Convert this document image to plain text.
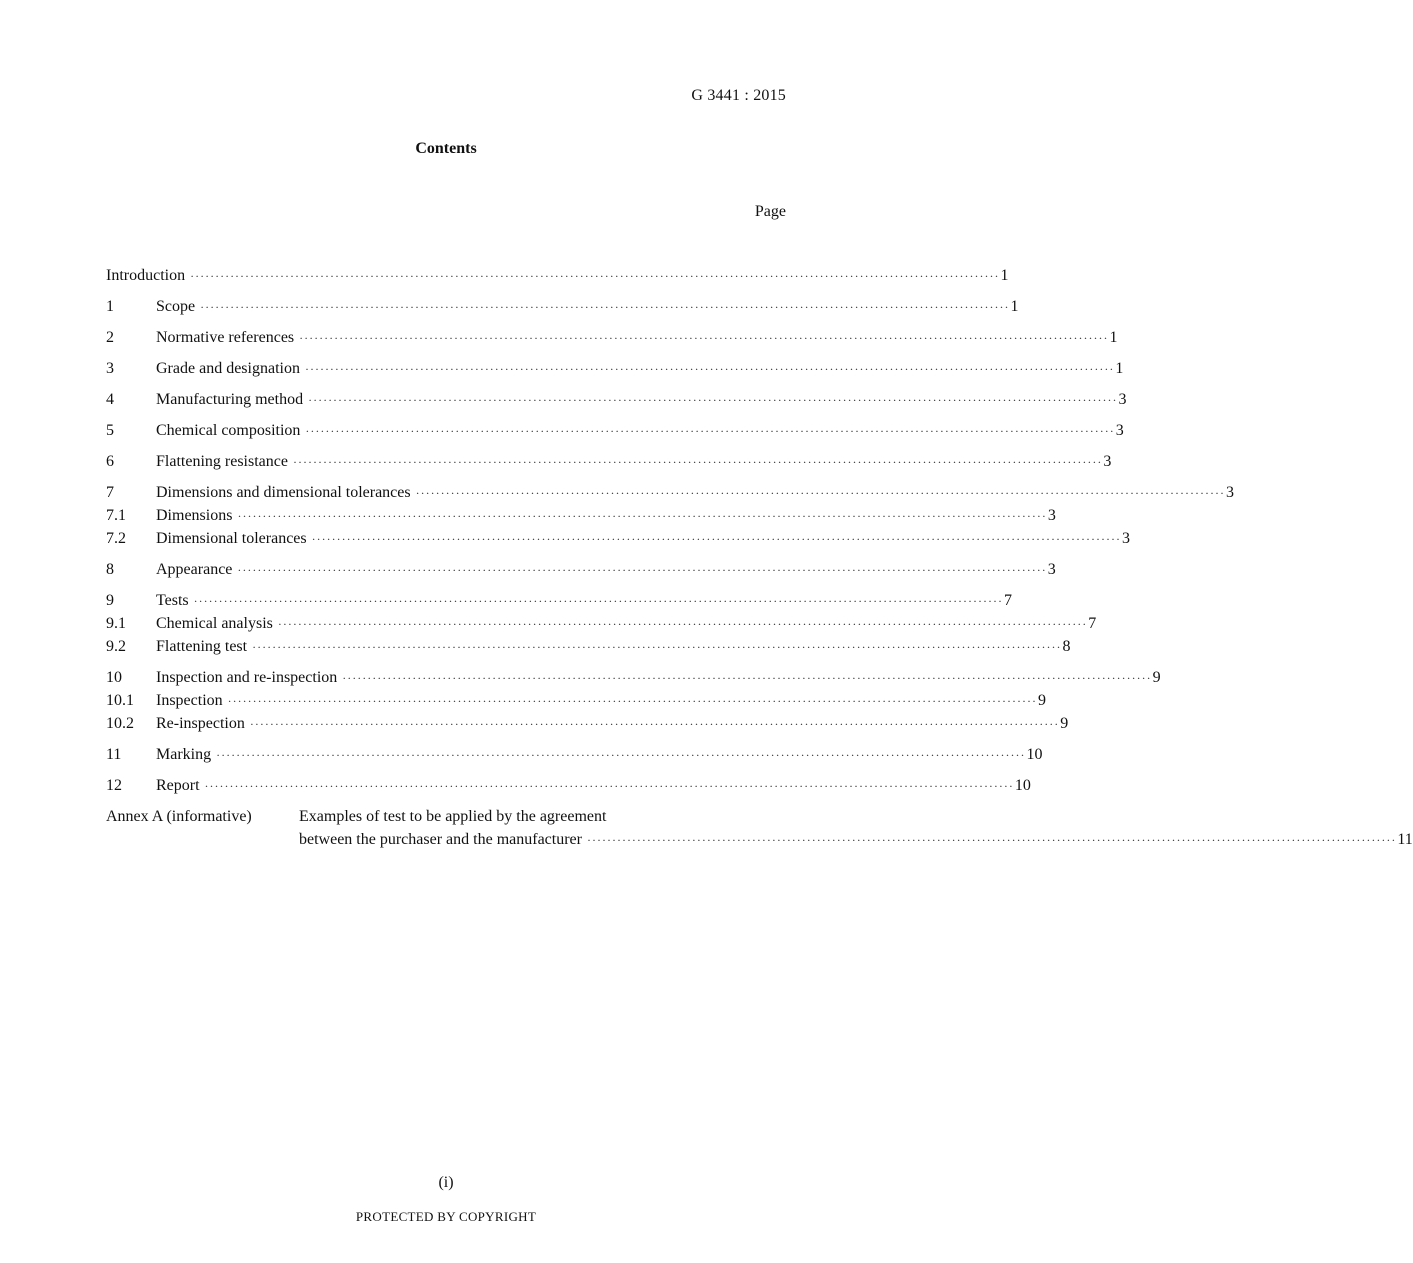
G 3441 : 2015
Contents
Page
Introduction ·····	1
1	Scope ·····	1
2	Normative references ·····	1
3	Grade and designation ·····	1
4	Manufacturing method ·····	3
5	Chemical composition ·····	3
6	Flattening resistance ·····	3
7	Dimensions and dimensional tolerances ·····	3
7.1	Dimensions ·····	3
7.2	Dimensional tolerances ·····	3
8	Appearance ·····	3
9	Tests ·····	7
9.1	Chemical analysis ·····	7
9.2	Flattening test ·····	8
10	Inspection and re-inspection ·····	9
10.1	Inspection ·····	9
10.2	Re-inspection ·····	9
11	Marking ·····	10
12	Report ·····	10
Annex A (informative)	Examples of test to be applied by the agreement
between the purchaser and the manufacturer ·····	11
(i)
PROTECTED BY COPYRIGHT
